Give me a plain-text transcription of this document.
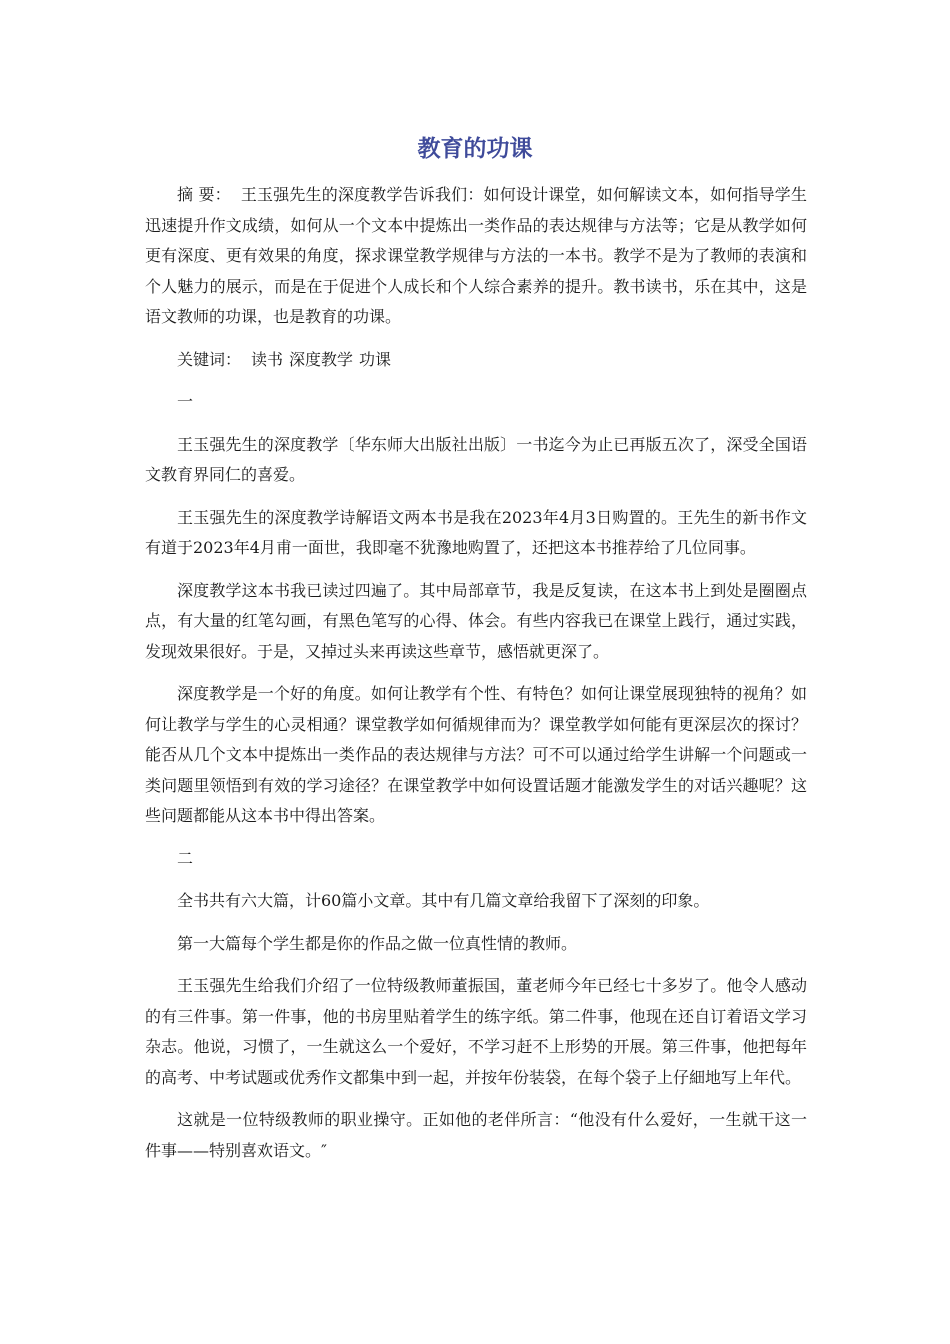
教育的功课

摘 要： 王玉强先生的深度教学告诉我们：如何设计课堂，如何解读文本，如何指导学生迅速提升作文成绩，如何从一个文本中提炼出一类作品的表达规律与方法等；它是从教学如何更有深度、更有效果的角度，探求课堂教学规律与方法的一本书。教学不是为了教师的表演和个人魅力的展示，而是在于促进个人成长和个人综合素养的提升。教书读书，乐在其中，这是语文教师的功课，也是教育的功课。

关键词： 读书 深度教学 功课

一

王玉强先生的深度教学〔华东师大出版社出版〕一书迄今为止已再版五次了，深受全国语文教育界同仁的喜爱。

王玉强先生的深度教学诗解语文两本书是我在2023年4月3日购置的。王先生的新书作文有道于2023年4月甫一面世，我即毫不犹豫地购置了，还把这本书推荐给了几位同事。

深度教学这本书我已读过四遍了。其中局部章节，我是反复读，在这本书上到处是圈圈点点，有大量的红笔勾画，有黑色笔写的心得、体会。有些内容我已在课堂上践行，通过实践，发现效果很好。于是，又掉过头来再读这些章节，感悟就更深了。

深度教学是一个好的角度。如何让教学有个性、有特色？如何让课堂展现独特的视角？如何让教学与学生的心灵相通？课堂教学如何循规律而为？课堂教学如何能有更深层次的探讨？能否从几个文本中提炼出一类作品的表达规律与方法？可不可以通过给学生讲解一个问题或一类问题里领悟到有效的学习途径？在课堂教学中如何设置话题才能激发学生的对话兴趣呢？这些问题都能从这本书中得出答案。

二

全书共有六大篇，计60篇小文章。其中有几篇文章给我留下了深刻的印象。

第一大篇每个学生都是你的作品之做一位真性情的教师。

王玉强先生给我们介绍了一位特级教师董振国，董老师今年已经七十多岁了。他令人感动的有三件事。第一件事，他的书房里贴着学生的练字纸。第二件事，他现在还自订着语文学习杂志。他说，习惯了，一生就这么一个爱好，不学习赶不上形势的开展。第三件事，他把每年的高考、中考试题或优秀作文都集中到一起，并按年份装袋，在每个袋子上仔細地写上年代。

这就是一位特级教师的职业操守。正如他的老伴所言：“他没有什么爱好，一生就干这一件事——特别喜欢语文。″
